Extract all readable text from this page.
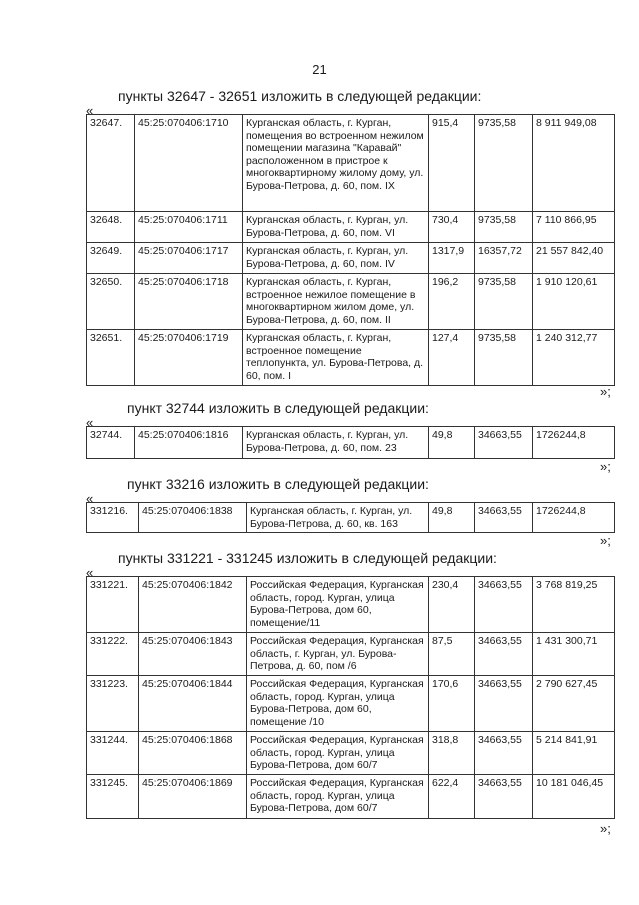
21
пункты 32647 - 32651 изложить в следующей редакции:
«
32647.	45:25:070406:1710	Курганская область, г. Курган, помещения во встроенном нежилом помещении магазина "Каравай" расположенном в пристрое к многоквартирному жилому дому, ул. Бурова-Петрова, д. 60, пом. IX	915,4	9735,58	8 911 949,08
32648.	45:25:070406:1711	Курганская область, г. Курган, ул. Бурова-Петрова, д. 60, пом. VI	730,4	9735,58	7 110 866,95
32649.	45:25:070406:1717	Курганская область, г. Курган, ул. Бурова-Петрова, д. 60, пом. IV	1317,9	16357,72	21 557 842,40
32650.	45:25:070406:1718	Курганская область, г. Курган, встроенное нежилое помещение в многоквартирном жилом доме, ул. Бурова-Петрова, д. 60, пом. II	196,2	9735,58	1 910 120,61
32651.	45:25:070406:1719	Курганская область, г. Курган, встроенное помещение теплопункта, ул. Бурова-Петрова, д. 60, пом. I	127,4	9735,58	1 240 312,77
»;
пункт 32744 изложить в следующей редакции:
«
32744.	45:25:070406:1816	Курганская область, г. Курган, ул. Бурова-Петрова, д. 60, пом. 23	49,8	34663,55	1726244,8
»;
пункт 33216 изложить в следующей редакции:
«
331216.	45:25:070406:1838	Курганская область, г. Курган, ул. Бурова-Петрова, д. 60, кв. 163	49,8	34663,55	1726244,8
»;
пункты 331221 - 331245 изложить в следующей редакции:
«
331221.	45:25:070406:1842	Российская Федерация, Курганская область, город. Курган, улица Бурова-Петрова, дом 60, помещение/11	230,4	34663,55	3 768 819,25
331222.	45:25:070406:1843	Российская Федерация, Курганская область, г. Курган, ул. Бурова-Петрова, д. 60, пом /6	87,5	34663,55	1 431 300,71
331223.	45:25:070406:1844	Российская Федерация, Курганская область, город. Курган, улица Бурова-Петрова, дом 60, помещение /10	170,6	34663,55	2 790 627,45
331244.	45:25:070406:1868	Российская Федерация, Курганская область, город. Курган, улица Бурова-Петрова, дом 60/7	318,8	34663,55	5 214 841,91
331245.	45:25:070406:1869	Российская Федерация, Курганская область, город. Курган, улица Бурова-Петрова, дом 60/7	622,4	34663,55	10 181 046,45
»;
